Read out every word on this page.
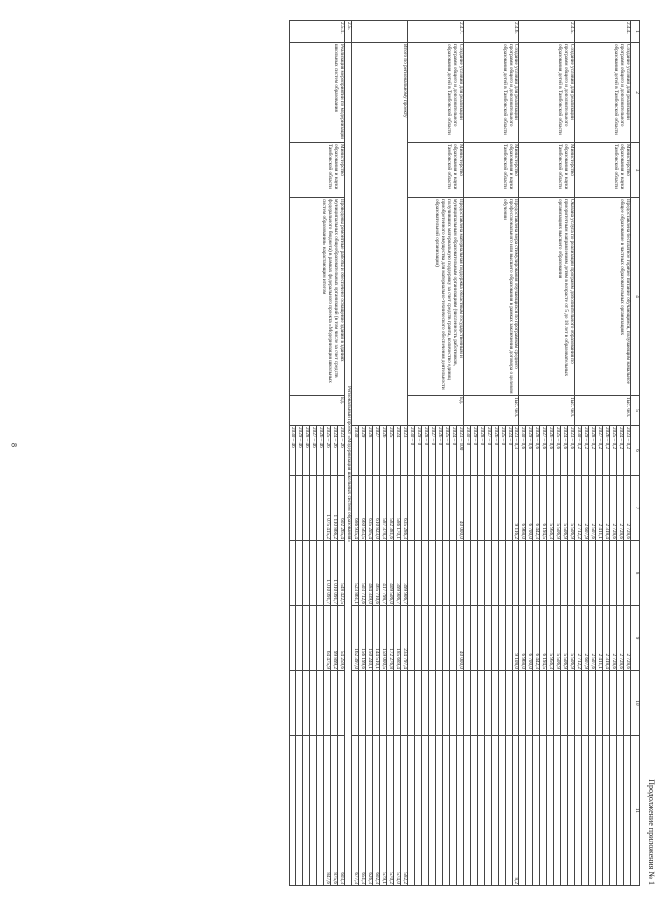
8
Продолжение приложения № 1
1	2	3	4	5	6	7	8	9	10	11
2.4.4.	Создание условий для реализации программ общего и дополнительного образования детей в Тамбовской области	Министерство образования и науки Тамбовской области	Предоставлена бесплатное горячее питание обучающимся, получающим начальное общее образование в частных образовательных организациях	Тыс. чел.	2023 – 0,2	2 728,6		2 728,6		
					2024 – 0,2	2 728,6		2 728,6		
					2025 – 0,2	2 728,6		2 728,6		
					2026 – 0,2	2 318,4		2 318,4		
					2027 – 0,2	2 411,1		2 411,1		
					2028 – 0,2	2 507,6		2 507,6		
					2029 – 0,2	2 607,9		2 607,9		
					2030 – 0,2	2 712,2		2 712,2		
2.4.5.	Создание условий для реализации программ общего и дополнительного образования детей в Тамбовской области	Министерство образования и науки Тамбовской области	Оказана услуга по реализации программ дополнительного образования по приоритетным направлениям детям в возрасте от 5 до 18 лет в образовательных организациях высшего образования	Тыс. чел.	2023 – 0,6	5 506,9		5 506,9		
					2024 – 0,6	5 506,9		5 506,9		
					2025 – 0,6	5 506,9		5 506,9		
					2026 – 0,6	5 956,3		5 956,3		
					2027 – 0,6	6 194,5		6 194,5		
					2028 – 0,6	6 442,3		6 442,3		
					2029 – 0,6	6 700,0		6 700,0		
					2030 – 0,6	6 968,0		6 968,0		
2.4.6.	Создание условий для реализации программ общего и дополнительного образования детей в Тамбовской области	Министерство образования и науки Тамбовской области	Предоставлена мера стимулирования обучающихся по программам среднего профессионального или высшего образования в рамках заключения договора о целевом обучении	Тыс. чел.	2023 – 0,3	9 116,2		9 108,0		8,2
					2024 – 0					
					2025 – 0					
					2026 – 0					
					2027 – 0					
					2028 – 0					
					2029 – 0					
					2030 – 0					
2.4.7.	Создание условий для реализации программ общего и дополнительного образования детей в Тамбовской области	Министерство образования и науки Тамбовской области	Предоставлена материальная поддержка областным государственным и муниципальным образовательным организациям (численность работников, получивших материальную поддержку за счет средств гранта, количество единиц приобретенного имущества для материально-технического обеспечения деятельности образовательной организации)	Ед.	2023 – 100	40 000,0		40 000,0		
					2024 – 0					
					2025 – 0					
					2026 – 0					
					2027 – 0					
					2028 – 0					
					2029 – 0					
					2030 – 0					
	Итого по региональному проекту				2023	635 286,3	399 906,7	234 797,4		582,2
					2024	586 170,1	399 906,7	185 689,4		574,0
					2025	582 381,6	409 506,0	172 276,8		570,2
					2026	587 378,3	417 798,7	159 000,5		579,1
					2027	610 823,0	465 710,6	144 510,1		602,3
					2028	635 205,4	484 339,0	150 240,1		626,3
					2029	660 563,5	503 712,6	156 199,6		651,3
					2030	686 935,4	523 861,1	162 397,0		677,3
2.5.	Региональный проект «Модернизация школьных систем образования»									
2.5.1.	Реализация мероприятий по модернизации школьных систем образования	Министерство образования и науки Тамбовской области	Проведены ремонтные работы и обеспечено оснащение зданий в зданиях муниципальных общеобразовательных организаций (в том числе за счет средств федерального бюджета) в рамках федерального проекта «Модернизация школьных систем образования» нарастающим итогом	Ед.	2023 – 26	602 265,4	548 422,5	54 259,6		603,3
					2024 – 26	1 110 866,2	1 010 091,7	99 899,2		875,6
					2025 – 26	1 075 415,2	1 010 091,7	64 475,9		847,6
					2026 – 46					
					2027 – 46					
					2028 – 46					
					2029 – 46					
					2030 – 46					
